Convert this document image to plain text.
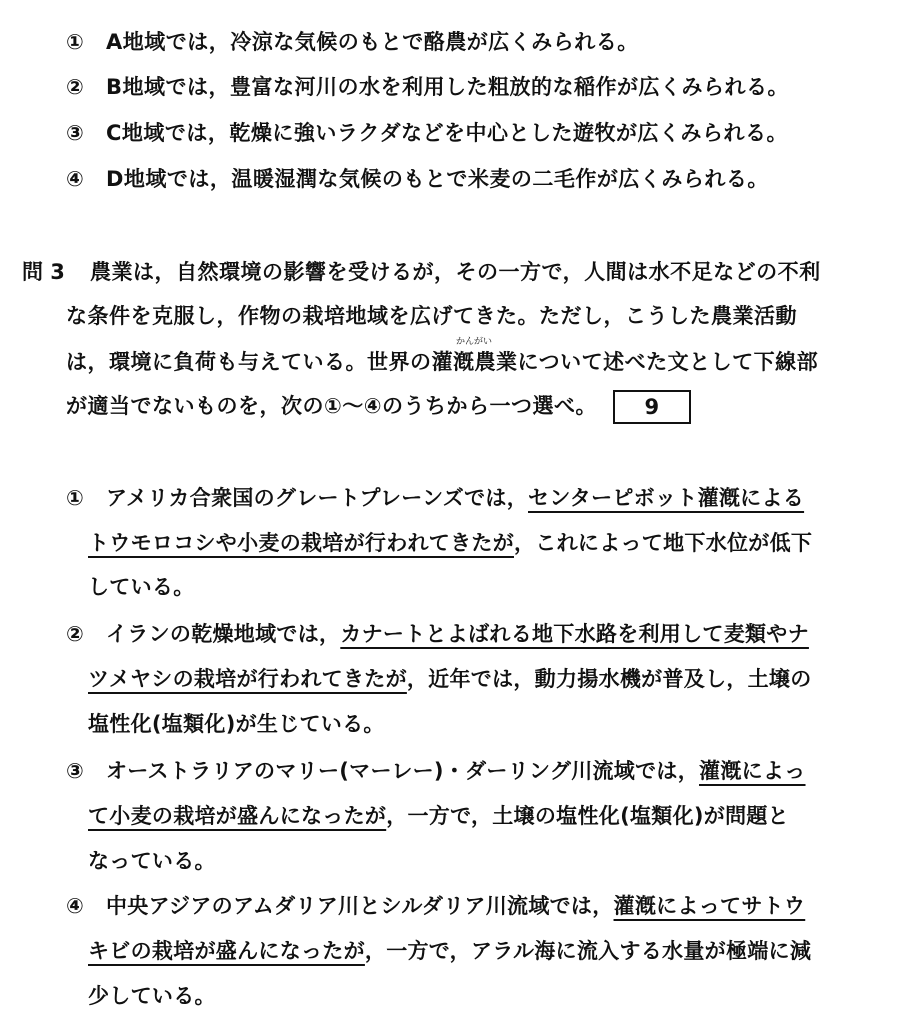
① A地域では，冷涼な気候のもとで酪農が広くみられる。
② B地域では，豊富な河川の水を利用した粗放的な稲作が広くみられる。
③ C地域では，乾燥に強いラクダなどを中心とした遊牧が広くみられる。
④ D地域では，温暖湿潤な気候のもとで米麦の二毛作が広くみられる。
問 3 農業は，自然環境の影響を受けるが，その一方で，人間は水不足などの不利
な条件を克服し，作物の栽培地域を広げてきた。ただし，こうした農業活動
かんがい
は，環境に負荷も与えている。世界の灌漑農業について述べた文として下線部
が適当でないものを，次の①～④のうちから一つ選べ。 9
① アメリカ合衆国のグレートプレーンズでは，センターピボット灌漑による
トウモロコシや小麦の栽培が行われてきたが，これによって地下水位が低下
している。
② イランの乾燥地域では，カナートとよばれる地下水路を利用して麦類やナ
ツメヤシの栽培が行われてきたが，近年では，動力揚水機が普及し，土壌の
塩性化(塩類化)が生じている。
③ オーストラリアのマリー(マーレー)・ダーリング川流域では，灌漑によっ
て小麦の栽培が盛んになったが，一方で，土壌の塩性化(塩類化)が問題と
なっている。
④ 中央アジアのアムダリア川とシルダリア川流域では，灌漑によってサトウ
キビの栽培が盛んになったが，一方で，アラル海に流入する水量が極端に減
少している。
